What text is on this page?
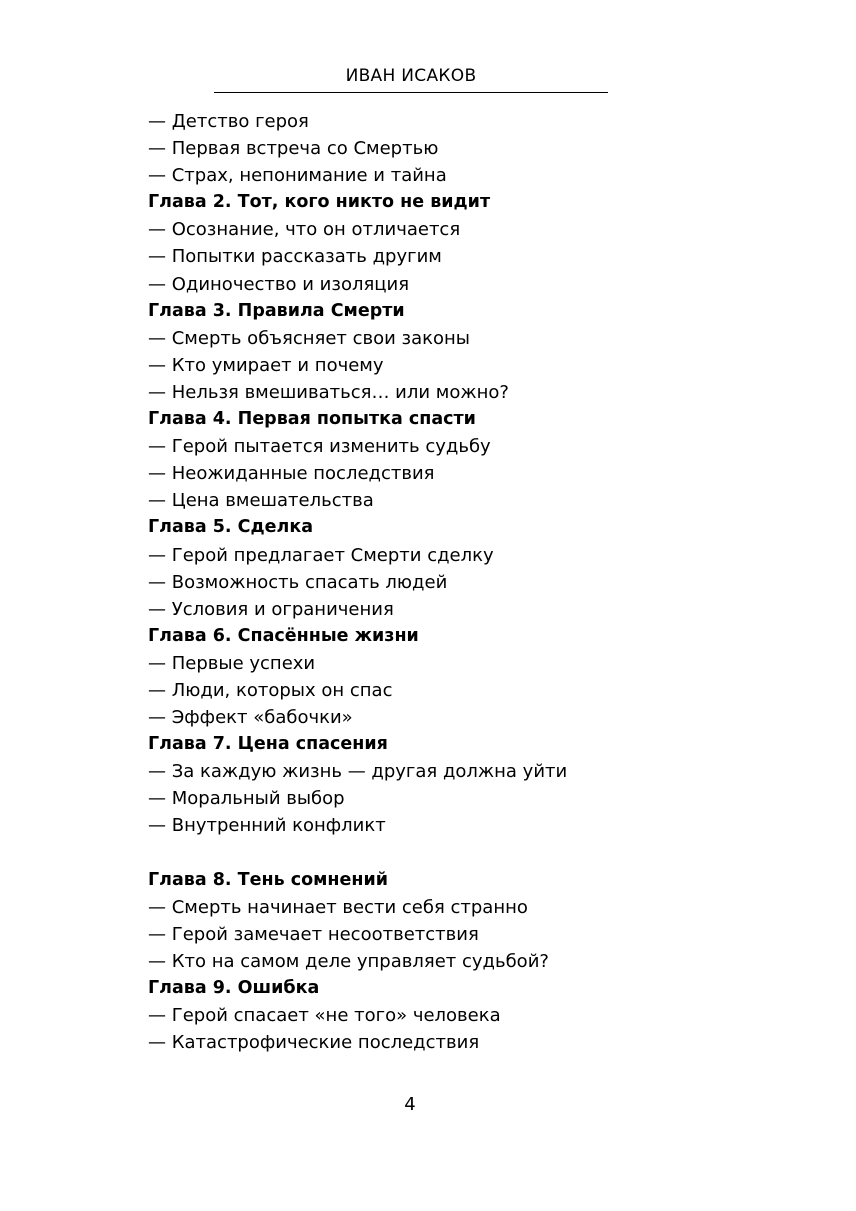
ИВАН ИСАКОВ
— Детство героя
— Первая встреча со Смертью
— Страх, непонимание и тайна
Глава 2. Тот, кого никто не видит
— Осознание, что он отличается
— Попытки рассказать другим
— Одиночество и изоляция
Глава 3. Правила Смерти
— Смерть объясняет свои законы
— Кто умирает и почему
— Нельзя вмешиваться… или можно?
Глава 4. Первая попытка спасти
— Герой пытается изменить судьбу
— Неожиданные последствия
— Цена вмешательства
Глава 5. Сделка
— Герой предлагает Смерти сделку
— Возможность спасать людей
— Условия и ограничения
Глава 6. Спасённые жизни
— Первые успехи
— Люди, которых он спас
— Эффект «бабочки»
Глава 7. Цена спасения
— За каждую жизнь — другая должна уйти
— Моральный выбор
— Внутренний конфликт
Глава 8. Тень сомнений
— Смерть начинает вести себя странно
— Герой замечает несоответствия
— Кто на самом деле управляет судьбой?
Глава 9. Ошибка
— Герой спасает «не того» человека
— Катастрофические последствия
4
